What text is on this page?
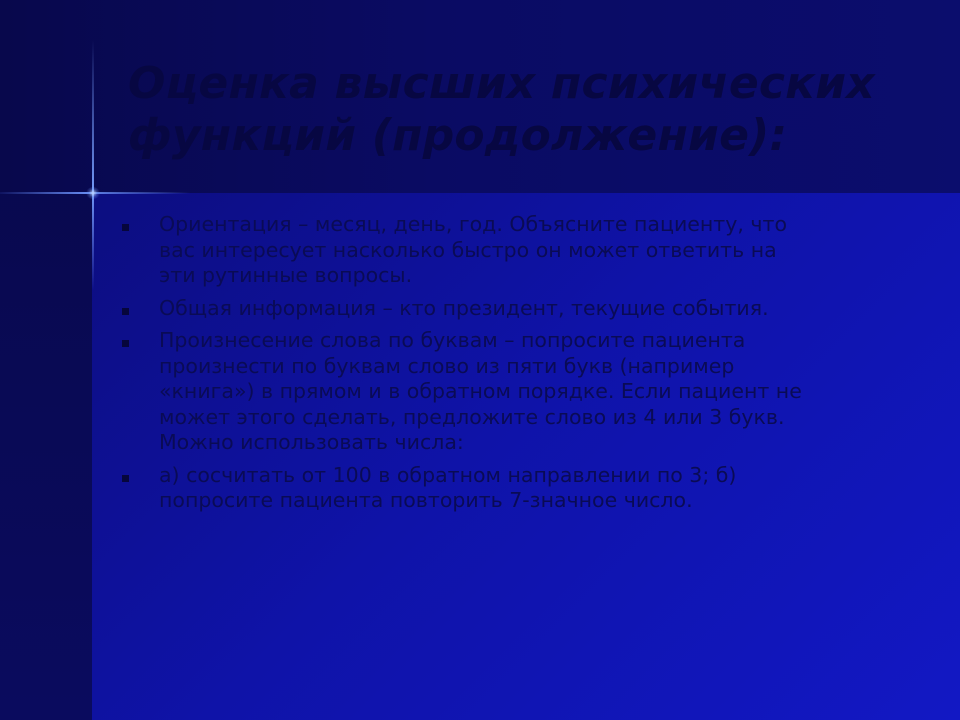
Оценка высших психических
функций (продолжение):
Ориентация – месяц, день, год. Объясните пациенту, что
вас интересует насколько быстро он может ответить на
эти рутинные вопросы.
Общая информация – кто президент, текущие события.
Произнесение слова по буквам – попросите пациента
произнести по буквам слово из пяти букв (например
«книга») в прямом и в обратном порядке. Если пациент не
может этого сделать, предложите слово из 4 или 3 букв.
Можно использовать числа:
а) сосчитать от 100 в обратном направлении по 3; б)
попросите пациента повторить 7-значное число.
